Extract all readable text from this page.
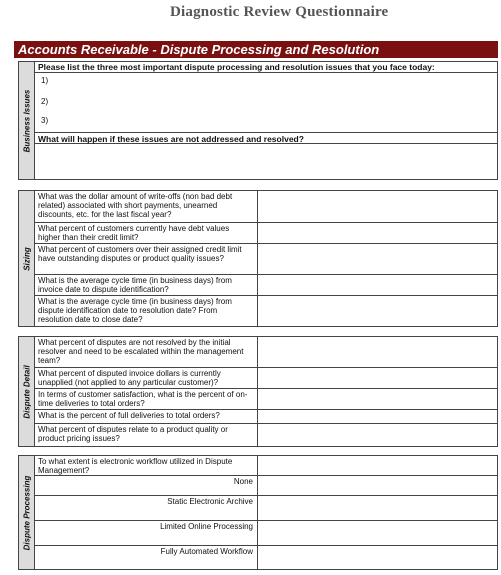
Diagnostic Review Questionnaire
Accounts Receivable - Dispute Processing and Resolution
Business Issues
Please list the three most important dispute processing and resolution issues that you face today:
1)
2)
3)
What will happen if these issues are not addressed and resolved?
Sizing
What was the dollar amount of write-offs (non bad debt related) associated with short payments, unearned discounts, etc. for the last fiscal year?
What percent of customers currently have debt values higher than their credit limit?
What percent of customers over their assigned credit limit have outstanding disputes or product quality issues?
What is the average cycle time (in business days) from invoice date to dispute identification?
What is the average cycle time (in business days) from dispute identification date to resolution date? From resolution date to close date?
Dispute Detail
What percent of disputes are not resolved by the initial resolver and need to be escalated within the management team?
What percent of disputed invoice dollars is currently unapplied (not applied to any particular customer)?
In terms of customer satisfaction, what is the percent of on-time deliveries to total orders?
What is the percent of full deliveries to total orders?
What percent of disputes relate to a product quality or product pricing issues?
Dispute Processing
To what extent is electronic workflow utilized in Dispute Management?
None
Static Electronic Archive
Limited Online Processing
Fully Automated Workflow
